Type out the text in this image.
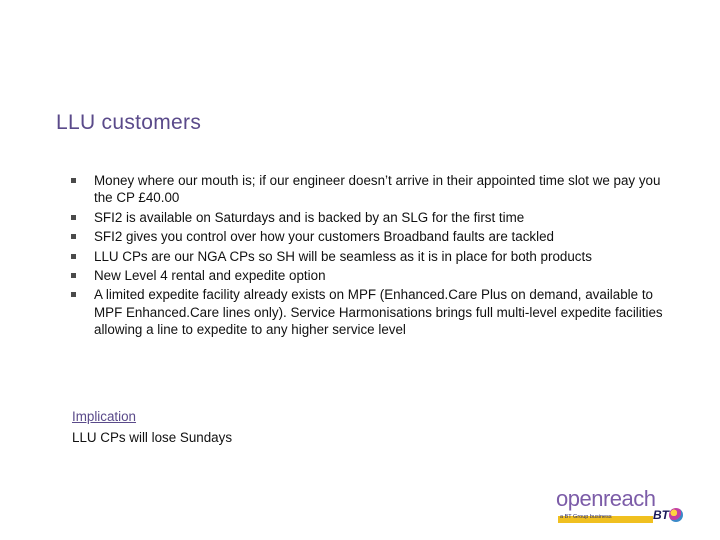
LLU customers
Money where our mouth is; if our engineer doesn’t arrive in their appointed time slot we pay you the CP £40.00
SFI2 is available on Saturdays and is backed by an SLG for the first time
SFI2 gives you control over how your customers Broadband faults are tackled
LLU CPs are our NGA CPs so SH will be seamless as it is in place for both products
New Level 4 rental and expedite option
A limited expedite facility already exists on MPF (Enhanced.Care Plus on demand, available to MPF Enhanced.Care lines only). Service Harmonisations brings full multi-level expedite facilities allowing a line to expedite to any higher service level
Implication
LLU CPs will lose Sundays
openreach
a BT Group business	BT
